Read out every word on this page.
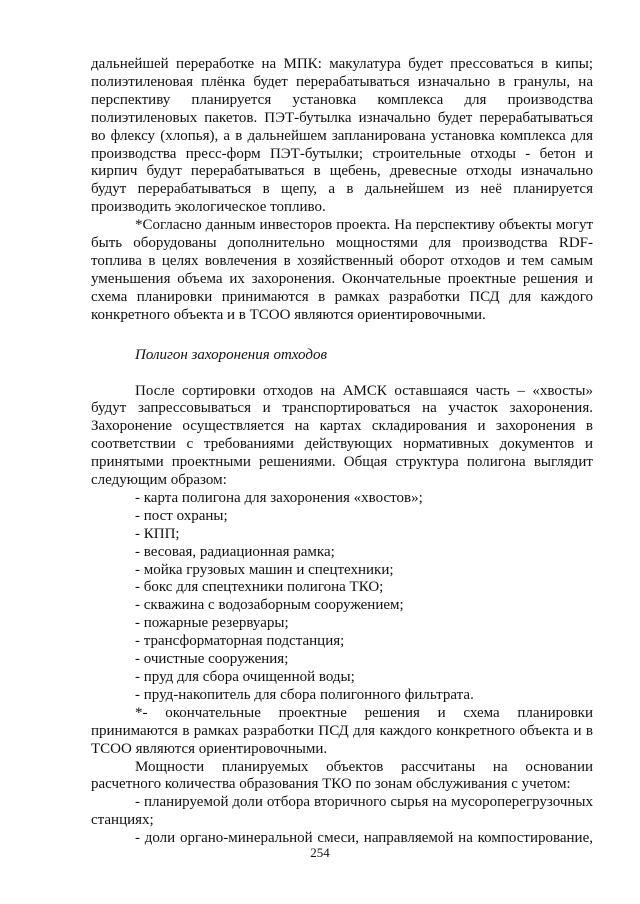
дальнейшей переработке на МПК: макулатура будет прессоваться в кипы; полиэтиленовая плёнка будет перерабатываться изначально в гранулы, на перспективу планируется установка комплекса для производства полиэтиленовых пакетов. ПЭТ-бутылка изначально будет перерабатываться во флексу (хлопья), а в дальнейшем запланирована установка комплекса для производства пресс-форм ПЭТ-бутылки; строительные отходы - бетон и кирпич будут перерабатываться в щебень, древесные отходы изначально будут перерабатываться в щепу, а в дальнейшем из неё планируется производить экологическое топливо.

*Согласно данным инвесторов проекта. На перспективу объекты могут быть оборудованы дополнительно мощностями для производства RDF-топлива в целях вовлечения в хозяйственный оборот отходов и тем самым уменьшения объема их захоронения. Окончательные проектные решения и схема планировки принимаются в рамках разработки ПСД для каждого конкретного объекта и в ТСОО являются ориентировочными.

Полигон захоронения отходов

После сортировки отходов на АМСК оставшаяся часть – «хвосты» будут запрессовываться и транспортироваться на участок захоронения. Захоронение осуществляется на картах складирования и захоронения в соответствии с требованиями действующих нормативных документов и принятыми проектными решениями. Общая структура полигона выглядит следующим образом:

- карта полигона для захоронения «хвостов»;
- пост охраны;
- КПП;
- весовая, радиационная рамка;
- мойка грузовых машин и спецтехники;
- бокс для спецтехники полигона ТКО;
- скважина с водозаборным сооружением;
- пожарные резервуары;
- трансформаторная подстанция;
- очистные сооружения;
- пруд для сбора очищенной воды;
- пруд-накопитель для сбора полигонного фильтрата.

*- окончательные проектные решения и схема планировки принимаются в рамках разработки ПСД для каждого конкретного объекта и в ТСОО являются ориентировочными.

Мощности планируемых объектов рассчитаны на основании расчетного количества образования ТКО по зонам обслуживания с учетом:

- планируемой доли отбора вторичного сырья на мусороперегрузочных станциях;

- доли органо-минеральной смеси, направляемой на компостирование,

254
